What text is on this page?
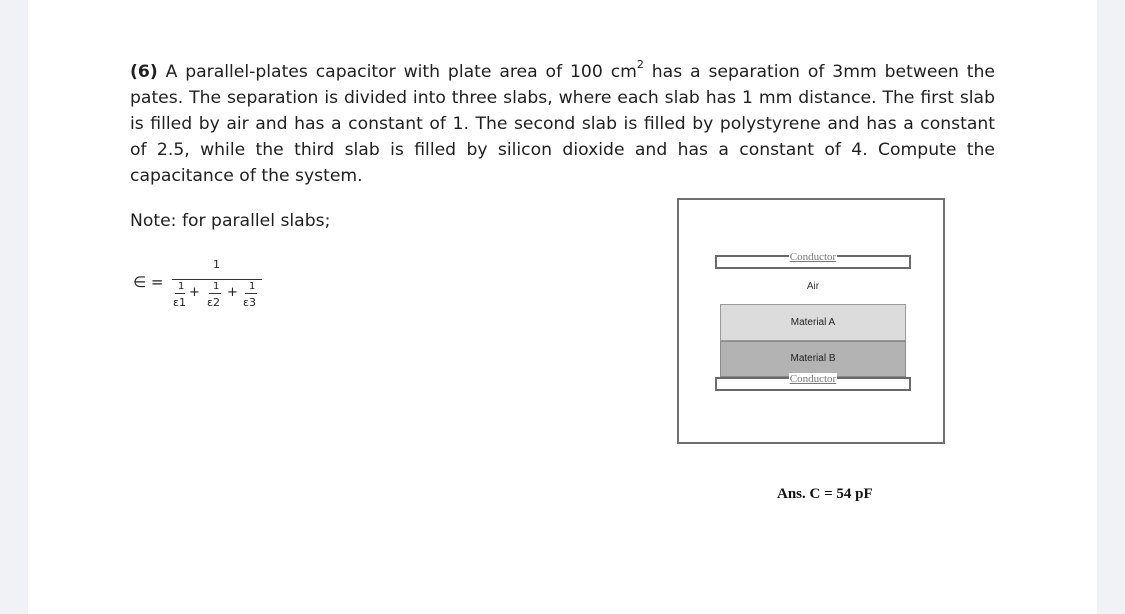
(6) A parallel-plates capacitor with plate area of 100 $cm^2$ has a separation of 3mm between the pates. The separation is divided into three slabs, where each slab has 1 mm distance. The first slab is filled by air and has a constant of 1. The second slab is filled by polystyrene and has a constant of 2.5, while the third slab is filled by silicon dioxide and has a constant of 4. Compute the capacitance of the system.
Note: for parallel slabs;
∈ =
1
1
ε1
+ 1
ε2
+ 1
ε3
Conductor
Air
Material A
Material B
Conductor
Ans. C = 54 pF
